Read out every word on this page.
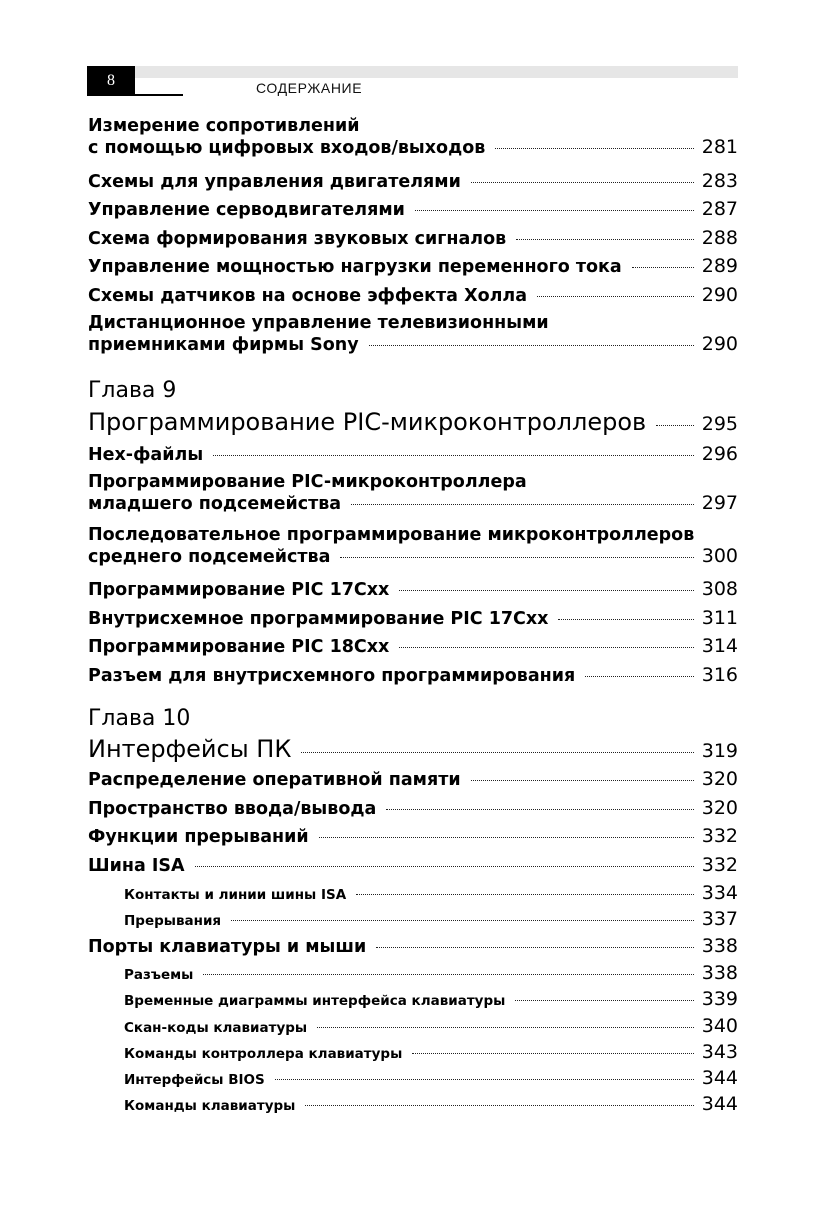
8	СОДЕРЖАНИЕ
Измерение сопротивлений
с помощью цифровых входов/выходов	281
Схемы для управления двигателями	283
Управление серводвигателями	287
Схема формирования звуковых сигналов	288
Управление мощностью нагрузки переменного тока	289
Схемы датчиков на основе эффекта Холла	290
Дистанционное управление телевизионными
приемниками фирмы Sony	290
Глава 9
Программирование PIC-микроконтроллеров	295
Hex-файлы	296
Программирование PIC-микроконтроллера
младшего подсемейства	297
Последовательное программирование микроконтроллеров
среднего подсемейства	300
Программирование PIC 17Cxx	308
Внутрисхемное программирование PIC 17Cxx	311
Программирование PIC 18Cxx	314
Разъем для внутрисхемного программирования	316
Глава 10
Интерфейсы ПК	319
Распределение оперативной памяти	320
Пространство ввода/вывода	320
Функции прерываний	332
Шина ISA	332
Контакты и линии шины ISA	334
Прерывания	337
Порты клавиатуры и мыши	338
Разъемы	338
Временные диаграммы интерфейса клавиатуры	339
Скан-коды клавиатуры	340
Команды контроллера клавиатуры	343
Интерфейсы BIOS	344
Команды клавиатуры	344
